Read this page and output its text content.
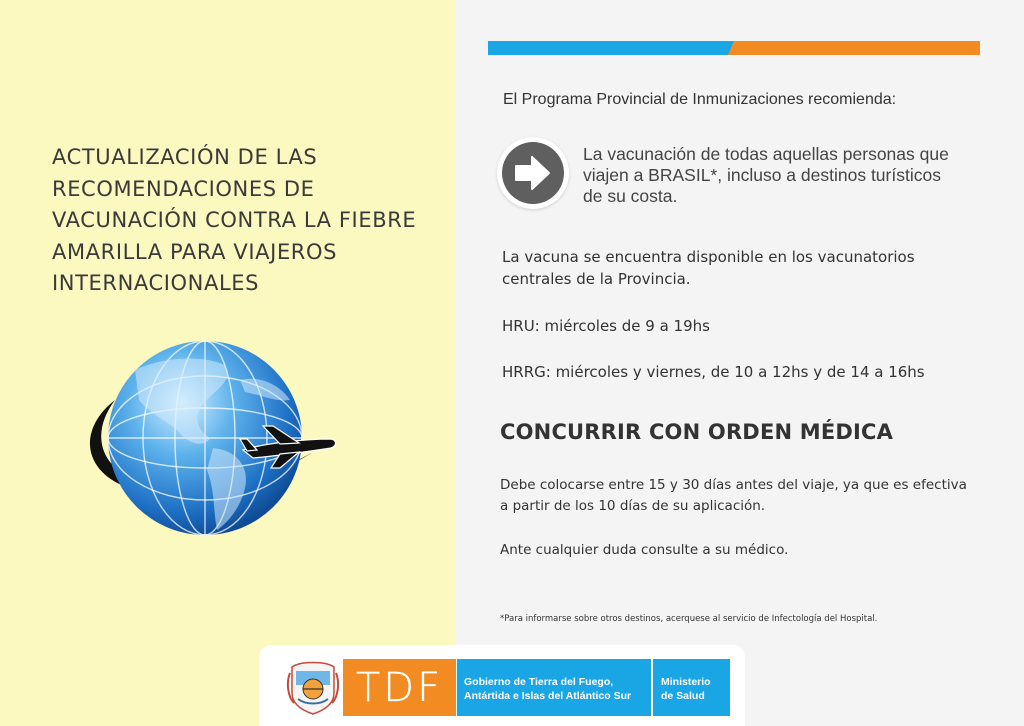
ACTUALIZACIÓN DE LAS RECOMENDACIONES DE VACUNACIÓN CONTRA LA FIEBRE AMARILLA PARA VIAJEROS INTERNACIONALES

El Programa Provincial de Inmunizaciones recomienda:

La vacunación de todas aquellas personas que viajen a BRASIL*, incluso a destinos turísticos de su costa.

La vacuna se encuentra disponible en los vacunatorios centrales de la Provincia.

HRU: miércoles de 9 a 19hs

HRRG: miércoles y viernes, de 10 a 12hs y de 14 a 16hs

CONCURRIR CON ORDEN MÉDICA

Debe colocarse entre 15 y 30 días antes del viaje, ya que es efectiva a partir de los 10 días de su aplicación.

Ante cualquier duda consulte a su médico.

*Para informarse sobre otros destinos, acerquese al servicio de Infectología del Hospital.

TDF Gobierno de Tierra del Fuego,
Antártida e Islas del Atlántico Sur
Ministerio
de Salud
